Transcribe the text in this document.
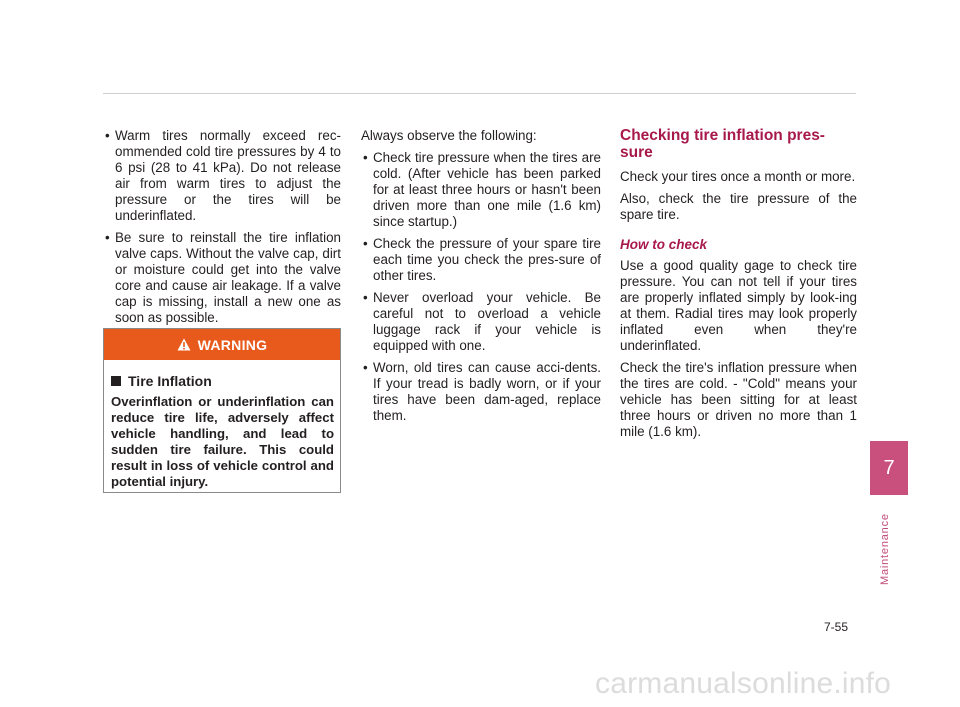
• Warm tires normally exceed rec-ommended cold tire pressures by 4 to 6 psi (28 to 41 kPa). Do not release air from warm tires to adjust the pressure or the tires will be underinflated.
• Be sure to reinstall the tire inflation valve caps. Without the valve cap, dirt or moisture could get into the valve core and cause air leakage. If a valve cap is missing, install a new one as soon as possible.
WARNING
Tire Inflation
Overinflation or underinflation can reduce tire life, adversely affect vehicle handling, and lead to sudden tire failure. This could result in loss of vehicle control and potential injury.

Always observe the following:

• Check tire pressure when the tires are cold. (After vehicle has been parked for at least three hours or hasn't been driven more than one mile (1.6 km) since startup.)
• Check the pressure of your spare tire each time you check the pres-sure of other tires.
• Never overload your vehicle. Be careful not to overload a vehicle luggage rack if your vehicle is equipped with one.
• Worn, old tires can cause acci-dents. If your tread is badly worn, or if your tires have been dam-aged, replace them.
Checking tire inflation pres-sure

Check your tires once a month or more.

Also, check the tire pressure of the spare tire.

How to check

Use a good quality gage to check tire pressure. You can not tell if your tires are properly inflated simply by look-ing at them. Radial tires may look properly inflated even when they're underinflated.

Check the tire's inflation pressure when the tires are cold. - "Cold" means your vehicle has been sitting for at least three hours or driven no more than 1 mile (1.6 km).

7
Maintenance
7-55
carmanualsonline.info
